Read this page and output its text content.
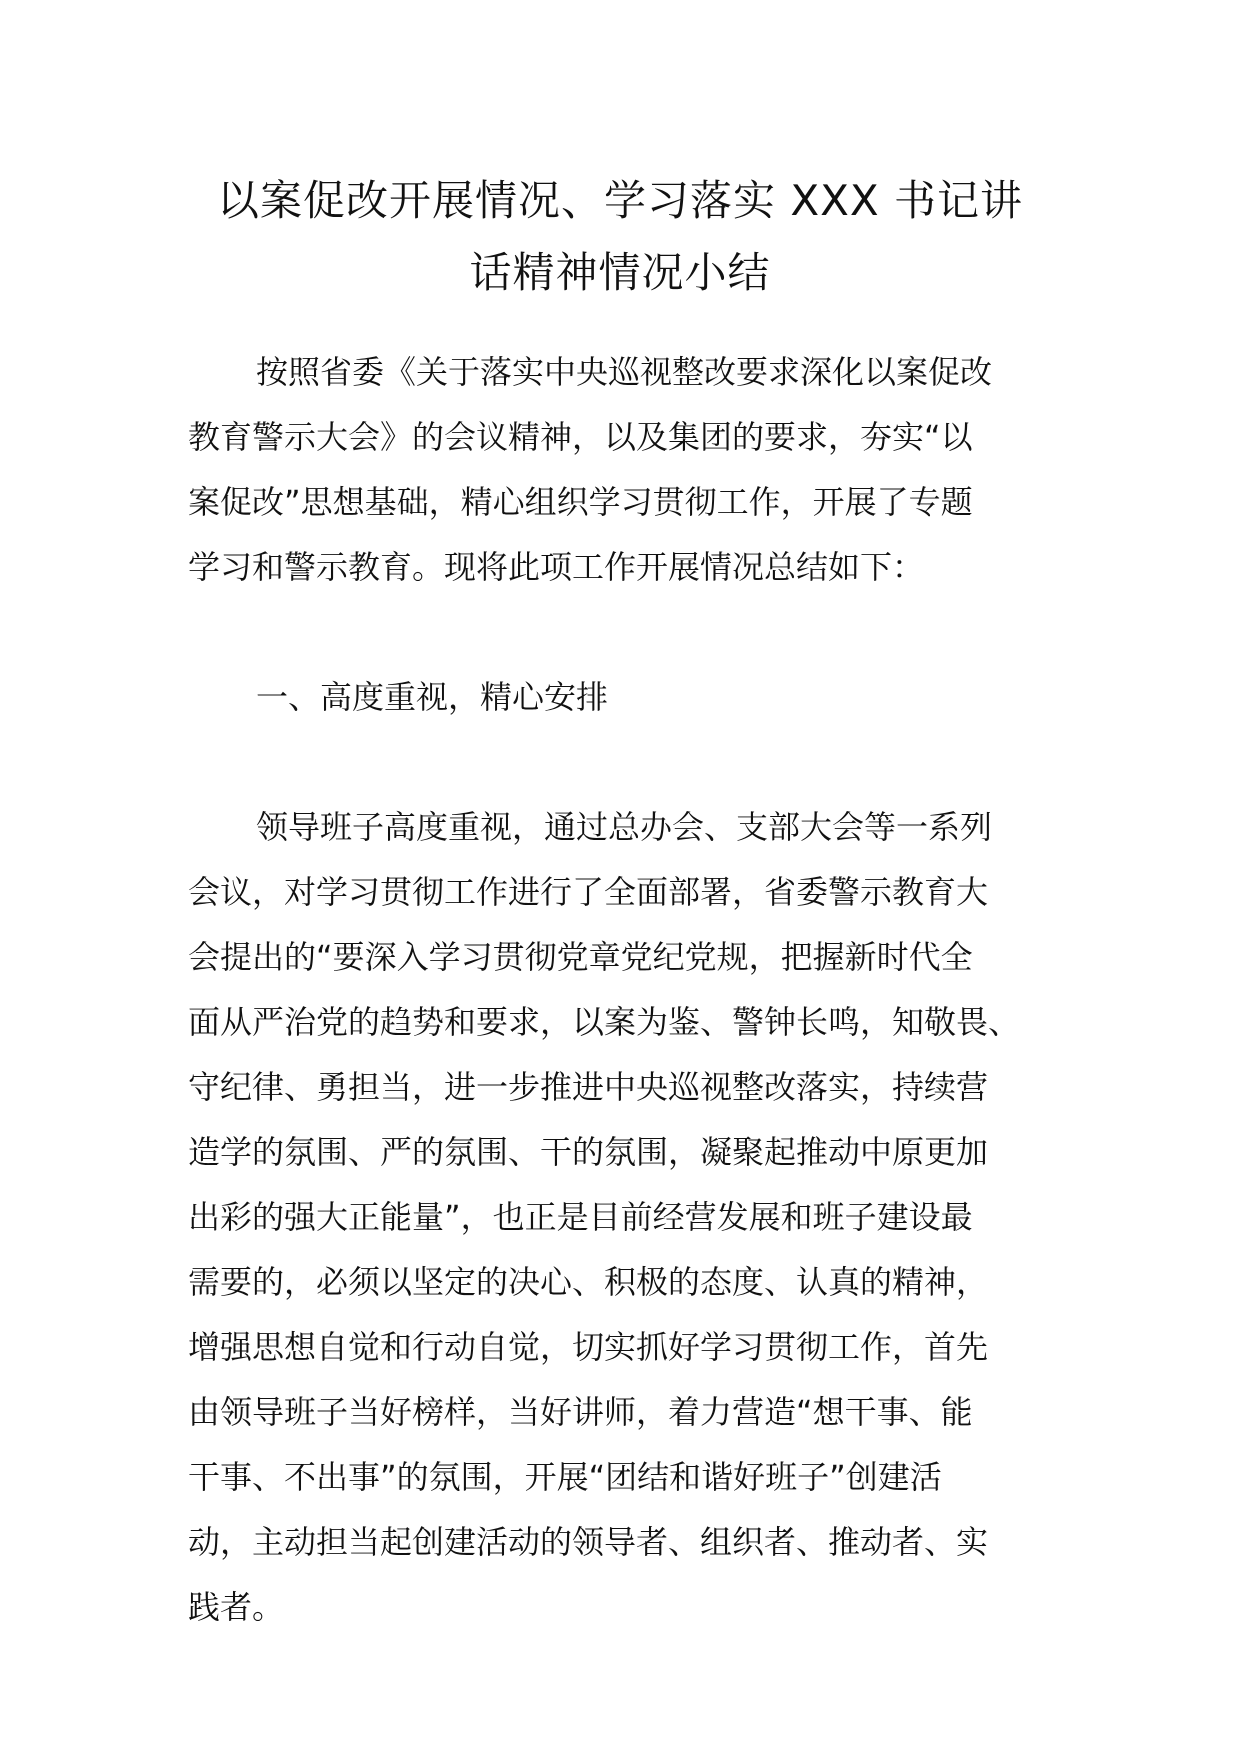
以案促改开展情况、学习落实 XXX 书记讲
话精神情况小结
按照省委《关于落实中央巡视整改要求深化以案促改
教育警示大会》的会议精神，以及集团的要求，夯实“以
案促改”思想基础，精心组织学习贯彻工作，开展了专题
学习和警示教育。现将此项工作开展情况总结如下：
一、高度重视，精心安排
领导班子高度重视，通过总办会、支部大会等一系列
会议，对学习贯彻工作进行了全面部署，省委警示教育大
会提出的“要深入学习贯彻党章党纪党规，把握新时代全
面从严治党的趋势和要求，以案为鉴、警钟长鸣，知敬畏、
守纪律、勇担当，进一步推进中央巡视整改落实，持续营
造学的氛围、严的氛围、干的氛围，凝聚起推动中原更加
出彩的强大正能量”，也正是目前经营发展和班子建设最
需要的，必须以坚定的决心、积极的态度、认真的精神，
增强思想自觉和行动自觉，切实抓好学习贯彻工作，首先
由领导班子当好榜样，当好讲师，着力营造“想干事、能
干事、不出事”的氛围，开展“团结和谐好班子”创建活
动，主动担当起创建活动的领导者、组织者、推动者、实
践者。
